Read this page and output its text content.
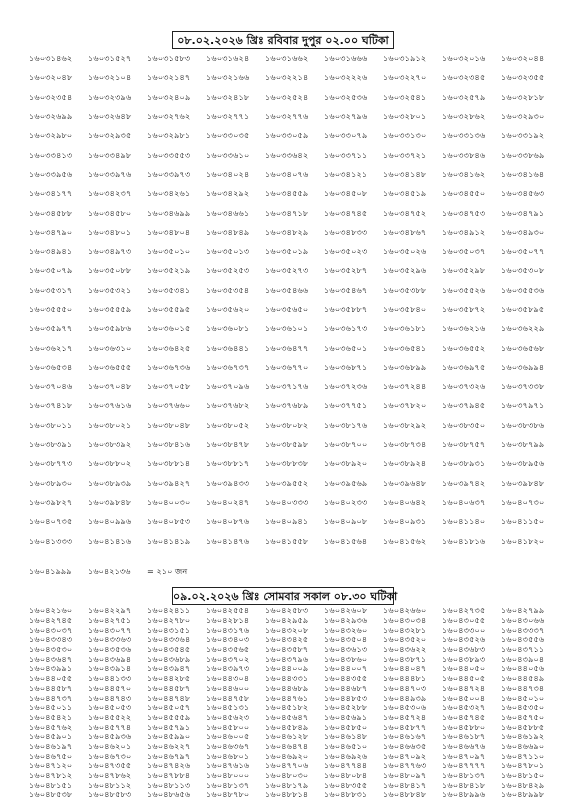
০৮.০২.২০২৬ খ্রিঃ রবিবার দুপুর ০২.০০ ঘটিকা
১৬০৩১৪৬২	১৬০৩১৫২৭	১৬০৩১৫৮৩	১৬০৩১৬২৪	১৬০৩১৬৬২	১৬০৩১৬৬৬	১৬০৩১৯১২	১৬০৩২০১৬	১৬০৩২০৪৪
১৬০৩২০৪৮	১৬০৩২১০৪	১৬০৩২১৪৭	১৬০৩২১৬৬	১৬০৩২২১৪	১৬০৩২২২৬	১৬০৩২২৭০	১৬০৩২৩৪৫	১৬০৩২৩৫৫
১৬০৩২৩৫৪	১৬০৩২৩৯৬	১৬০৩২৪০৯	১৬০৩২৪১৮	১৬০৩২৫২৪	১৬০৩২৫৩৬	১৬০৩২৫৪১	১৬০৩২৫৭৯	১৬০৩২৮১৮
১৬০৩২৬৯৯	১৬০৩২৬৪৮	১৬০৩২৭৬২	১৬০৩২৭৭১	১৬০৩২৭৭৬	১৬০৩২৭৯৬	১৬০৩২৮০১	১৬০৩২৮৬২	১৬০৩২৯৩০
১৬০৩২৯৮০	১৬০৩২৯৩৫	১৬০৩২৯৮১	১৬০৩৩০৩৫	১৬০৩৩০৫৯	১৬০৩৩০৭৯	১৬০৩৩১৩০	১৬০৩৩১৩৬	১৬০৩৩১৯২
১৬০৩৩৪১৩	১৬০৩৩৪৯৮	১৬০৩৩৫৫৩	১৬০৩৩৬১০	১৬০৩৩৬৪২	১৬০৩৩৭১১	১৬০৩৩৭২১	১৬০৩৩৮৪৬	১৬০৩৩৮৬৯
১৬০৩৩৯৫৬	১৬০৩৩৯৭৬	১৬০৩৩৯৭৩	১৬০৩৪০২৪	১৬০৩৪০৭৬	১৬০৩৪১২১	১৬০৩৪১৪৮	১৬০৩৪১৬২	১৬০৩৪১৬৪
১৬০৩৪১৭৭	১৬০৩৪২৩৭	১৬০৩৪২৬১	১৬০৩৪২৯২	১৬০৩৪৫৫৯	১৬০৩৪৫০৮	১৬০৩৪৫১৯	১৬০৩৪৫৫০	১৬০৩৪৫৬৩
১৬০৩৪৫৮৮	১৬০৩৪৫৮০	১৬০৩৪৬৯৯	১৬০৩৪৬৬১	১৬০৩৪৭১৮	১৬০৩৪৭৪৫	১৬০৩৪৭৫২	১৬০৩৪৭৫৩	১৬০৩৪৭৯১
১৬০৩৪৭৯০	১৬০৩৪৮০১	১৬০৩৪৮০৪	১৬০৩৪৮৪৯	১৬০৩৪৮২৯	১৬০৩৪৮৩৩	১৬০৩৪৮৬৭	১৬০৩৪৯১২	১৬০৩৪৯৩০
১৬০৩৪৯৪১	১৬০৩৪৯৭৩	১৬০৩৫০১০	১৬০৩৫০১৩	১৬০৩৫০১৯	১৬০৩৫০২৩	১৬০৩৫০২৬	১৬০৩৫০৩৭	১৬০৩৫০৭৭
১৬০৩৫০৭৯	১৬০৩৫০৮৮	১৬০৩৫২১৯	১৬০৩৫২৫৩	১৬০৩৫২৭৩	১৬০৩৫২৮৭	১৬০৩৫২৯৬	১৬০৩৫২৯৮	১৬০৩৫৩০৮
১৬০৩৫৩১৭	১৬০৩৫৩২১	১৬০৩৫৩৪১	১৬০৩৫৩৫৪	১৬০৩৫৪৬৬	১৬০৩৫৪৬৭	১৬০৩৫৩৮৮	১৬০৩৫৫২৬	১৬০৩৫৫৩৬
১৬০৩৫৫৫০	১৬০৩৫৫৫৯	১৬০৩৫৫৯৫	১৬০৩৫৬২০	১৬০৩৫৬৫০	১৬০৩৫৮৮৭	১৬০৩৫৮৪০	১৬০৩৫৮৭২	১৬০৩৫৮৯৫
১৬০৩৫৯৭৭	১৬০৩৫৯৮৬	১৬০৩৬০১৫	১৬০৩৬০৮১	১৬০৩৬১০১	১৬০৩৬১৭৩	১৬০৩৬১৮১	১৬০৩৬২১৬	১৬০৩৬২২৯
১৬০৩৬২১৭	১৬০৩৬৩১০	১৬০৩৬৪২৫	১৬০৩৬৪৪১	১৬০৩৬৪৭৭	১৬০৩৬৫০১	১৬০৩৬৫৪১	১৬০৩৬৫৫২	১৬০৩৬৫৬৮
১৬০৩৬৫৩৪	১৬০৩৬৫৫৫	১৬০৩৬৭৩৬	১৬০৩৬৭৩৭	১৬০৩৬৭৭০	১৬০৩৬৮৭১	১৬০৩৬৮৯৯	১৬০৩৬৯৭৫	১৬০৩৬৯৯৪
১৬০৩৭০৪৬	১৬০৩৭০৪৮	১৬০৩৭০৫৮	১৬০৩৭০৯৬	১৬০৩৭১৭৬	১৬০৩৭২৩৬	১৬০৩৭২৪৪	১৬০৩৭৩২৬	১৬০৩৭৩৩৮
১৬০৩৭৪১৮	১৬০৩৭৬১৬	১৬০৩৭৬৬০	১৬০৩৭৬৮২	১৬০৩৭৬৮৯	১৬০৩৭৭৫১	১৬০৩৭৮২০	১৬০৩৭৯৪৫	১৬০৩৭৯৭১
১৬০৩৮০১১	১৬০৩৮০২১	১৬০৩৮০৪৮	১৬০৩৮০৫২	১৬০৩৮০৮২	১৬০৩৮১৭৬	১৬০৩৮২৯২	১৬০৩৮৩৫০	১৬০৩৮৩৮৬
১৬০৩৮৩৯১	১৬০৩৮৩৯২	১৬০৩৮৪১৬	১৬০৩৮৪৭৮	১৬০৩৮৫৯৮	১৬০৩৮৭০০	১৬০৩৮৭৩৪	১৬০৩৮৭৫৭	১৬০৩৮৭৯৯
১৬০৩৮৭৭৩	১৬০৩৮৮০২	১৬০৩৮৮১৪	১৬০৩৮৮১৭	১৬০৩৮৮৩৮	১৬০৩৮৯২০	১৬০৩৮৯২৪	১৬০৩৮৯৩১	১৬০৩৮৯৫৬
১৬০৩৮৯৩০	১৬০৩৮৯৩৯	১৬০৩৯৪২৭	১৬০৩৯৪৩৩	১৬০৩৯৫৫২	১৬০৩৯৫৬৯	১৬০৩৯৬৪৮	১৬০৩৯৭৪২	১৬০৩৯৮৪৮
১৬০৩৯৮২৭	১৬০৩৯৮৪৮	১৬০৪০০৩০	১৬০৪০২৪৭	১৬০৪০৩৩৩	১৬০৪০২৩৩	১৬০৪০৬৪২	১৬০৪০৬৩৭	১৬০৪০৭৩০
১৬০৪০৭৩৫	১৬০৪০৯৯৬	১৬০৪০৮৫৩	১৬০৪০৮৭৬	১৬০৪০৯৪১	১৬০৪০৯০৮	১৬০৪০৯৩১	১৬০৪১১৪০	১৬০৪১১৫০
১৬০৪১৩৩৩	১৬০৪১৪১৬	১৬০৪১৪১৯	১৬০৪১৪৭৬	১৬০৪১৫৫৮	১৬০৪১৫৬৪	১৬০৪১৫৬২	১৬০৪১৮১৬	১৬০৪১৮২০
১৬০৪১৯৯৯	১৬০৪২১৩৬	= ২১০ জন
০৯.০২.২০২৬ খ্রিঃ সোমবার সকাল ০৮.৩০ ঘটিকা
১৬০৪২১৬০	১৬০৪২২৯৭	১৬০৪২৪১১	১৬০৪২৫৫৪	১৬০৪২৫৮৩	১৬০৪২৬০৮	১৬০৪২৬৬০	১৬০৪২৭৩৫	১৬০৪২৭৯৯
১৬০৪২৭৪৫	১৬০৪২৭৫১	১৬০৪২৭৮০	১৬০৪২৮১৪	১৬০৪২৯৫৯	১৬০৪২৯৩৬	১৬০৪৩০৩৪	১৬০৪৩০৫৫	১৬০৪৩০৬৬
১৬০৪৩০৩৭	১৬০৪৩০৭৭	১৬০৪৩১৫১	১৬০৪৩১৭৬	১৬০৪৩২০৮	১৬০৪৩২৬০	১৬০৪৩২৮১	১৬০৪৩৩০০	১৬০৪৩৩৩৭
১৬০৪৩৩৪৩	১৬০৪৩৩৬৩	১৬০৪৩৩৬৪	১৬০৪৩৪০৩	১৬০৪৩৪২৫	১৬০৪৩৫০৪	১৬০৪৩৫২০	১৬০৪৩৫২৬	১৬০৪৩৫৫৬
১৬০৪৩৫৩০	১৬০৪৩৫৩৬	১৬০৪৩৫৪৫	১৬০৪৩৫৬৫	১৬০৪৩৫৮৭	১৬০৪৩৬১৩	১৬০৪৩৬২২	১৬০৪৩৬৮৩	১৬০৪৩৭১১
১৬০৪৩৬৪৭	১৬০৪৩৬৯৪	১৬০৪৩৬৮৯	১৬০৪৩৭০২	১৬০৪৩৭৯৬	১৬০৪৩৮৬০	১৬০৪৩৮৭১	১৬০৪৩৮৯৩	১৬০৪৩৯০৪
১৬০৪৩৯৯১	১৬০৪৩৯১৪	১৬০৪৩৯৪৭	১৬০৪৩৯৭৩	১৬০৪৪০০৯	১৬০৪৪০০৭	১৬০৪৪০৪৭	১৬০৪৪০৫০	১৬০৪৪০৫৬
১৬০৪৪০৫৫	১৬০৪৪১৩৩	১৬০৪৪২৮৫	১৬০৪৪৩০৪	১৬০৪৪৩৩১	১৬০৪৪৩৫৫	১৬০৪৪৪৮১	১৬০৪৪৫০৫	১৬০৪৪৫৪৯
১৬০৪৪৫৮৭	১৬০৪৪৫৭০	১৬০৪৪৫৮৭	১৬০৪৪৬০০	১৬০৪৪৬৮৯	১৬০৪৪৬৮৭	১৬০৪৪৭০৩	১৬০৪৪৭২৪	১৬০৪৪৭৩৪
১৬০৪৪৭৩৭	১৬০৪৪৭৪৩	১৬০৪৪৭৪৮	১৬০৪৪৭৫৮	১৬০৪৪৭৬১	১৬০৪৪৮৫৩	১৬০৪৪৯৩৯	১৬০৪৫০০৪	১৬০৪৫০১০
১৬০৪৫০১১	১৬০৪৫০৫৩	১৬০৪৫০৫৭	১৬০৪৫১৩১	১৬০৪৫১৮২	১৬০৪৫২৮৮	১৬০৪৫৩০৬	১৬০৪৫৩২৭	১৬০৪৫৩৫০
১৬০৪৫৪২১	১৬০৪৫৫২২	১৬০৪৫৫৫৯	১৬০৪৫৬২৩	১৬০৪৫৬৪৭	১৬০৪৫৬৯১	১৬০৪৫৭২৪	১৬০৪৫৭৪৫	১৬০৪৫৭৫০
১৬০৪৫৭৬২	১৬০৪৫৭৭৪	১৬০৪৫৭৯১	১৬০৪৫৮০০	১৬০৪৫৮৪৯	১৬০৪৫৮৫০	১৬০৪৫৮৭৭	১৬০৪৫৮৮০	১৬০৪৫৮৮৫
১৬০৪৫৯০১	১৬০৪৫৯৩৬	১৬০৪৫৯৯০	১৬০৪৬০০৫	১৬০৪৬১২৮	১৬০৪৬১৪৮	১৬০৪৬১৬৭	১৬০৪৬১৮৭	১৬০৪৬১৯২
১৬০৪৬১৯৭	১৬০৪৬২০১	১৬০৪৬২২৭	১৬০৪৬৩৬৭	১৬০৪৬৪৭৪	১৬০৪৬৫১০	১৬০৪৬৬৩৫	১৬০৪৬৬৭৬	১৬০৪৬৬৯০
১৬০৪৬৭৫০	১৬০৪৬৭৩০	১৬০৪৬৭৯৭	১৬০৪৬৮০১	১৬০৪৬৯২০	১৬০৪৬৯২৬	১৬০৪৭০৯২	১৬০৪৭০৯৭	১৬০৪৭১১০
১৬০৪৭১২০	১৬০৪৭৩৫৫	১৬০৪৭৪২৬	১৬০৪৭৬১৬	১৬০৪৭৭০৬	১৬০৪৭৭৪৪	১৬০৪৭৭৬৩	১৬০৪৭৭৭৭	১৬০৪৭৮০১
১৬০৪৭৮১২	১৬০৪৭৮৬২	১৬০৪৭৮৮৪	১৬০৪৮০০০	১৬০৪৮০৩০	১৬০৪৮০৮৪	১৬০৪৮০৯৭	১৬০৪৮১৩৭	১৬০৪৮১৫০
১৬০৪৮১৫১	১৬০৪৮১১২	১৬০৪৮১১৩	১৬০৪৮১৩৭	১৬০৪৮১৭৯	১৬০৪৮৩৫৫	১৬০৪৮৪১৭	১৬০৪৮৪১৮	১৬০৪৮৪২৯
১৬০৪৮৫৩৮	১৬০৪৮৫৮৩	১৬০৪৮৬৫৬	১৬০৪৮৭৮০	১৬০৪৮৮১৪	১৬০৪৮৮৩১	১৬০৪৮৮৪৮	১৬০৪৮৯৯৬	১৬০৪৮৯৯৮
